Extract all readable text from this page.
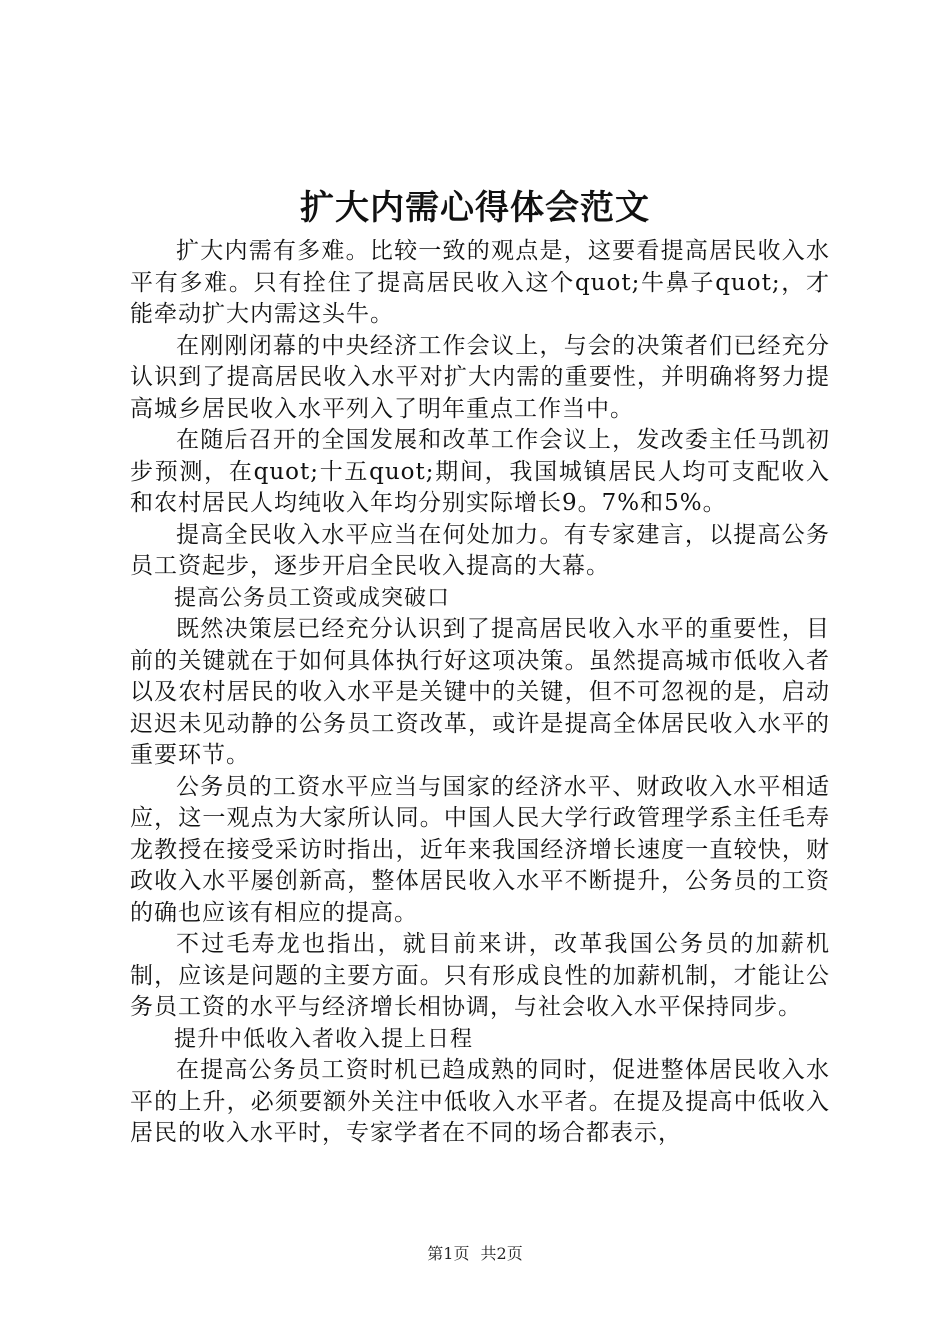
扩大内需心得体会范文

扩大内需有多难。比较一致的观点是，这要看提高居民收入水平有多难。只有拴住了提高居民收入这个quot;牛鼻子quot;，才能牵动扩大内需这头牛。

在刚刚闭幕的中央经济工作会议上，与会的决策者们已经充分认识到了提高居民收入水平对扩大内需的重要性，并明确将努力提高城乡居民收入水平列入了明年重点工作当中。

在随后召开的全国发展和改革工作会议上，发改委主任马凯初步预测，在quot;十五quot;期间，我国城镇居民人均可支配收入和农村居民人均纯收入年均分别实际增长9。7%和5%。

提高全民收入水平应当在何处加力。有专家建言，以提高公务员工资起步，逐步开启全民收入提高的大幕。

提高公务员工资或成突破口

既然决策层已经充分认识到了提高居民收入水平的重要性，目前的关键就在于如何具体执行好这项决策。虽然提高城市低收入者以及农村居民的收入水平是关键中的关键，但不可忽视的是，启动迟迟未见动静的公务员工资改革，或许是提高全体居民收入水平的重要环节。

公务员的工资水平应当与国家的经济水平、财政收入水平相适应，这一观点为大家所认同。中国人民大学行政管理学系主任毛寿龙教授在接受采访时指出，近年来我国经济增长速度一直较快，财政收入水平屡创新高，整体居民收入水平不断提升，公务员的工资的确也应该有相应的提高。

不过毛寿龙也指出，就目前来讲，改革我国公务员的加薪机制，应该是问题的主要方面。只有形成良性的加薪机制，才能让公务员工资的水平与经济增长相协调，与社会收入水平保持同步。

提升中低收入者收入提上日程

在提高公务员工资时机已趋成熟的同时，促进整体居民收入水平的上升，必须要额外关注中低收入水平者。在提及提高中低收入居民的收入水平时，专家学者在不同的场合都表示，

第1页 共2页
